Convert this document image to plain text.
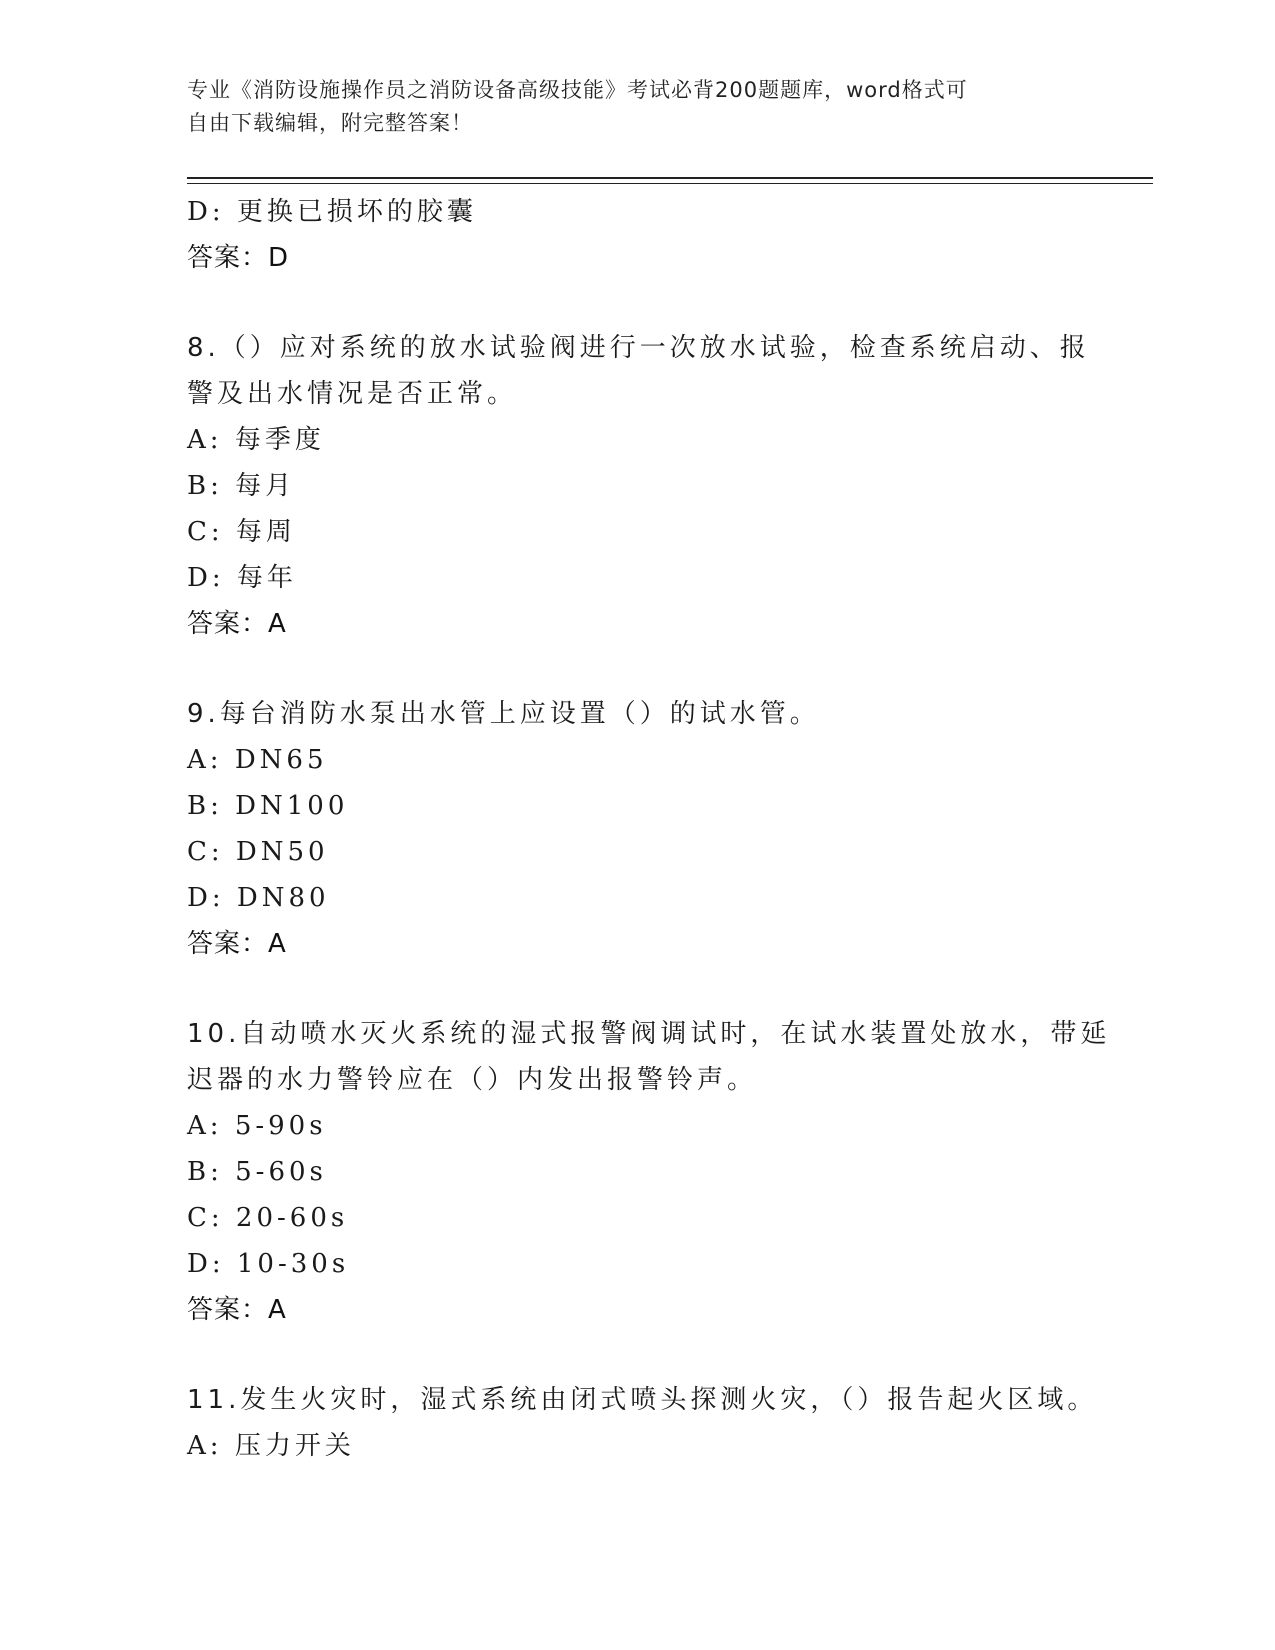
专业《消防设施操作员之消防设备高级技能》考试必背200题题库，word格式可
自由下载编辑，附完整答案！
D: 更换已损坏的胶囊
答案：D
8.（）应对系统的放水试验阀进行一次放水试验，检查系统启动、报
警及出水情况是否正常。
A: 每季度
B: 每月
C: 每周
D: 每年
答案：A
9.每台消防水泵出水管上应设置（）的试水管。
A: DN65
B: DN100
C: DN50
D: DN80
答案：A
10.自动喷水灭火系统的湿式报警阀调试时，在试水装置处放水，带延
迟器的水力警铃应在（）内发出报警铃声。
A: 5-90s
B: 5-60s
C: 20-60s
D: 10-30s
答案：A
11.发生火灾时，湿式系统由闭式喷头探测火灾，（）报告起火区域。
A: 压力开关
